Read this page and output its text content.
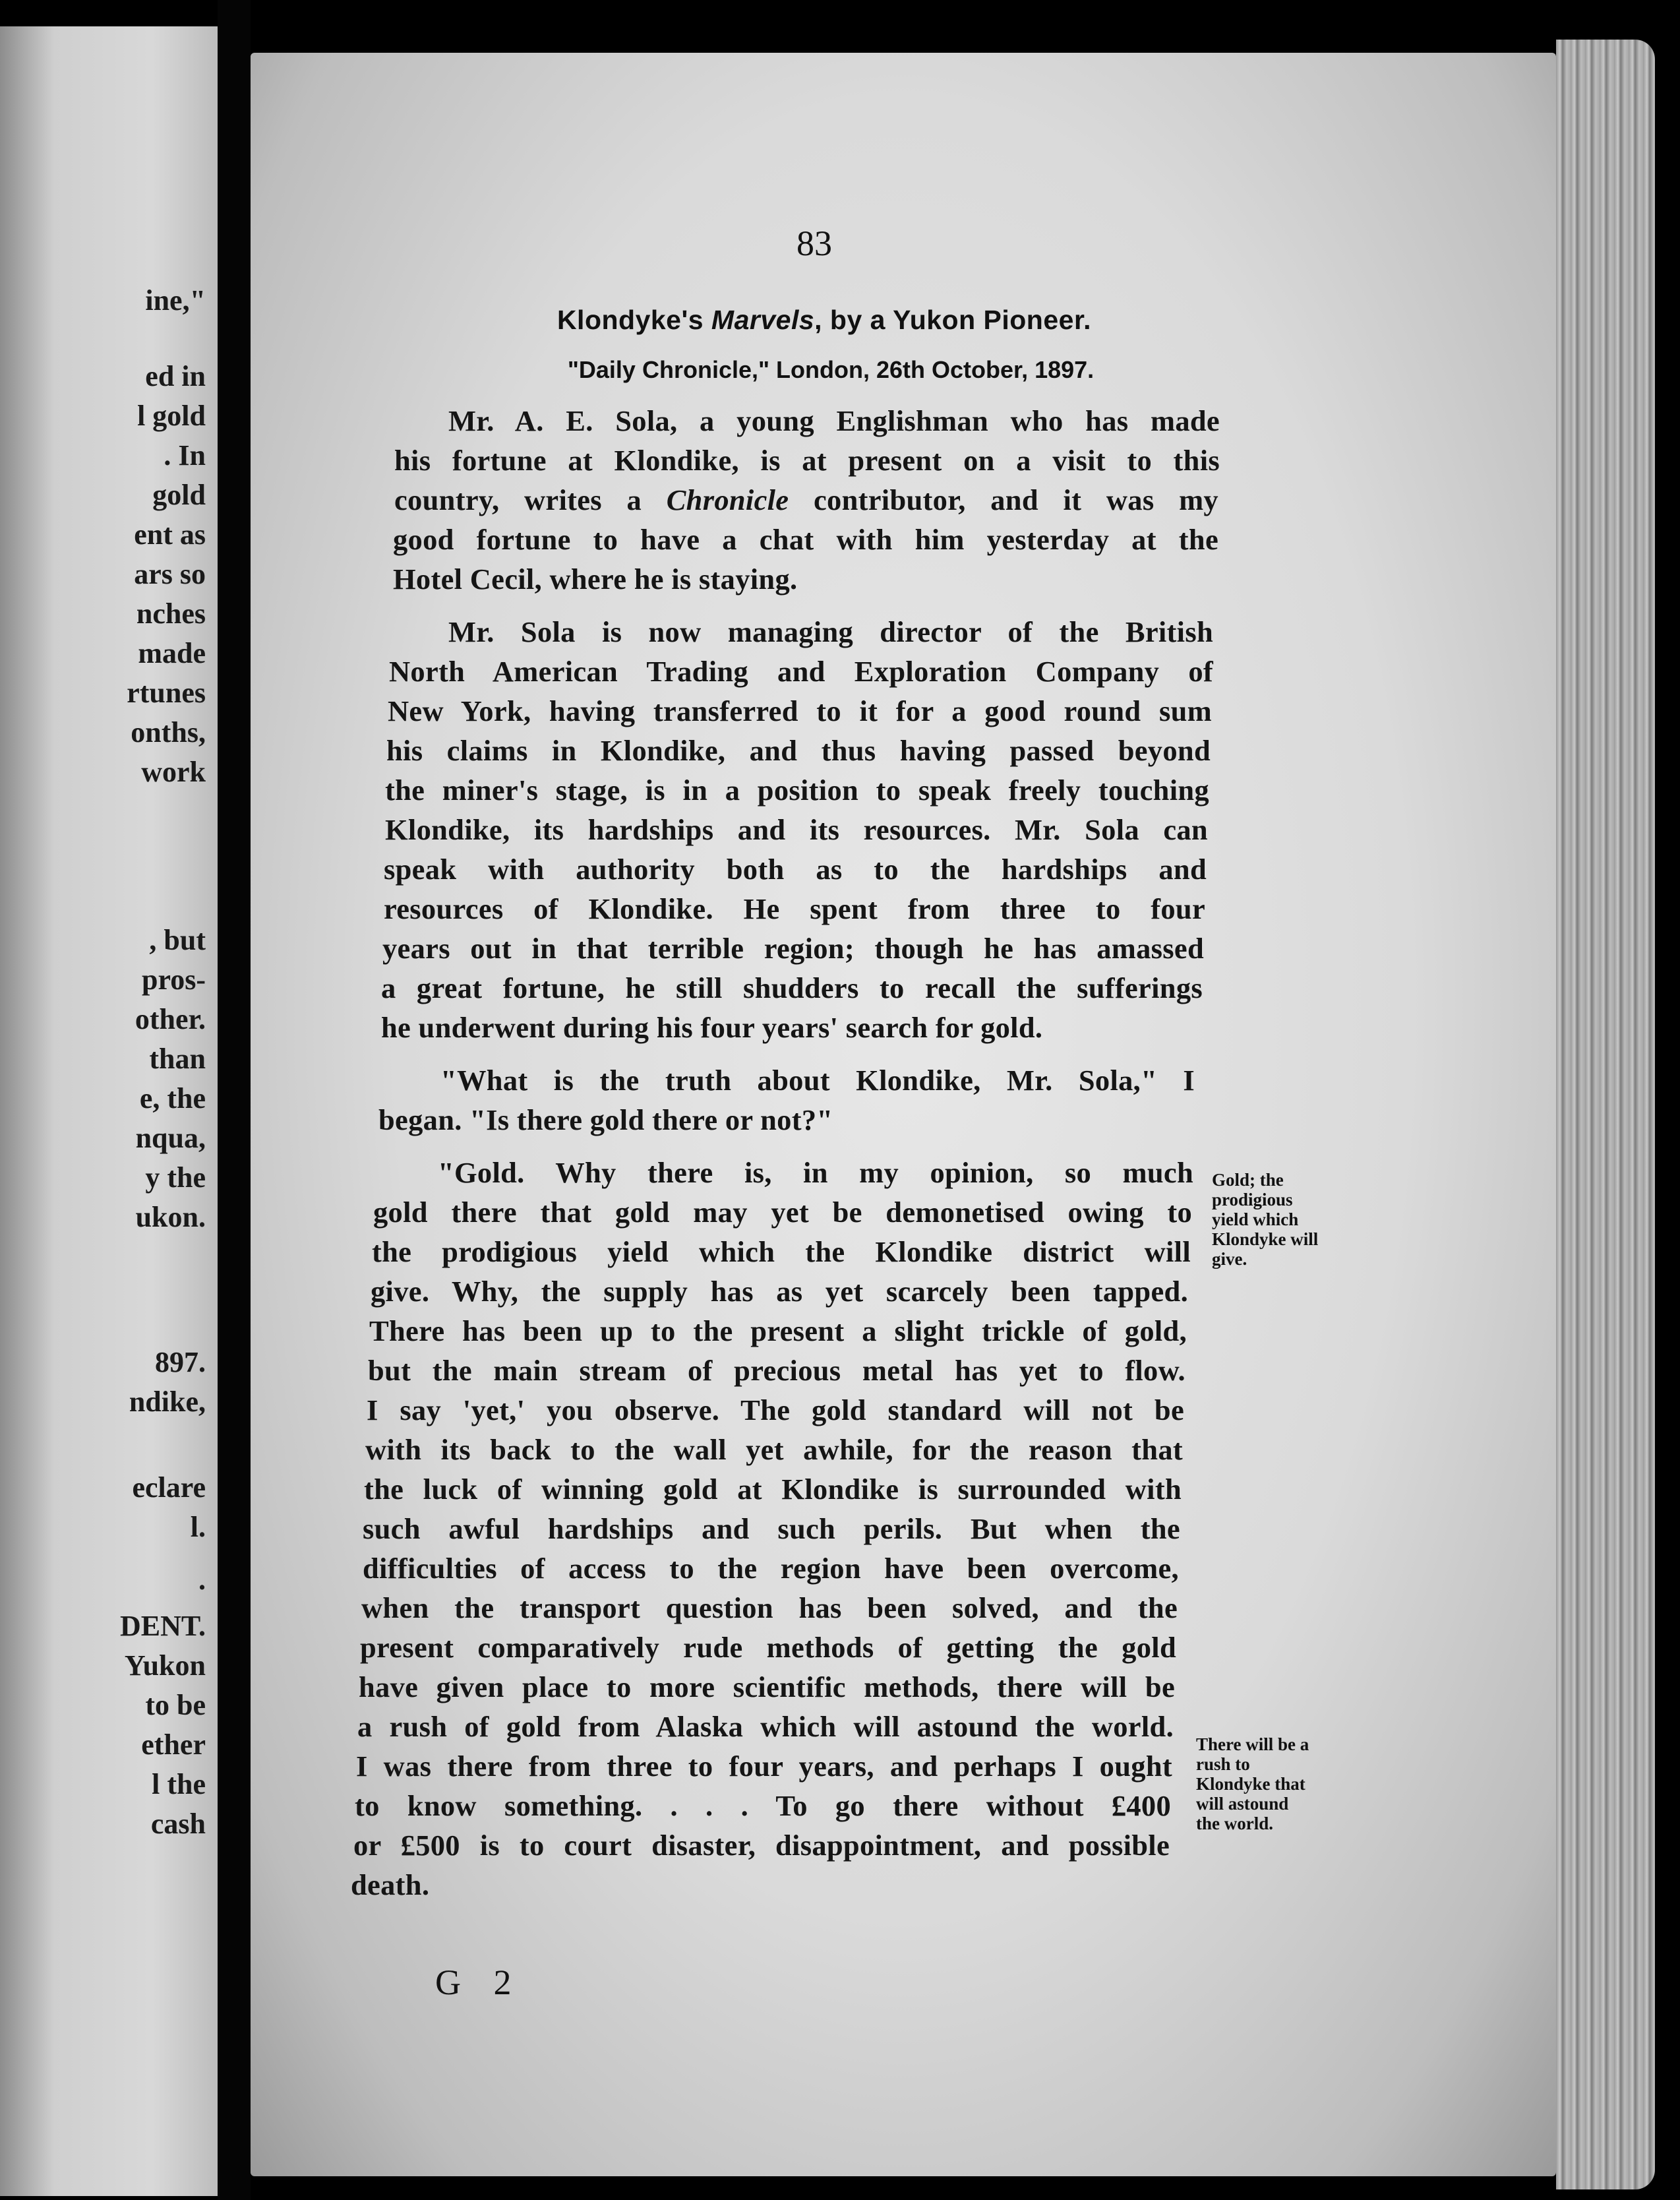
ine,"
ed in
l gold
. In
gold
ent as
ars so
nches
made
rtunes
onths,
work
, but
pros-
other.
than
e, the
nqua,
y the
ukon.
897.
ndike,
eclare
l.
.
DENT.
Yukon
to be
ether
l the
cash
83
Klondyke's Marvels, by a Yukon Pioneer.
"Daily Chronicle," London, 26th October, 1897.
Mr. A. E. Sola, a young Englishman who has made
his fortune at Klondike, is at present on a visit to this
country, writes a Chronicle contributor, and it was my
good fortune to have a chat with him yesterday at the
Hotel Cecil, where he is staying.
Mr. Sola is now managing director of the British
North American Trading and Exploration Company of
New York, having transferred to it for a good round sum
his claims in Klondike, and thus having passed beyond
the miner's stage, is in a position to speak freely touching
Klondike, its hardships and its resources. Mr. Sola can
speak with authority both as to the hardships and
resources of Klondike. He spent from three to four
years out in that terrible region; though he has amassed
a great fortune, he still shudders to recall the sufferings
he underwent during his four years' search for gold.
"What is the truth about Klondike, Mr. Sola," I
began. "Is there gold there or not?"
"Gold. Why there is, in my opinion, so much
gold there that gold may yet be demonetised owing to
the prodigious yield which the Klondike district will
give. Why, the supply has as yet scarcely been tapped.
There has been up to the present a slight trickle of gold,
but the main stream of precious metal has yet to flow.
I say 'yet,' you observe. The gold standard will not be
with its back to the wall yet awhile, for the reason that
the luck of winning gold at Klondike is surrounded with
such awful hardships and such perils. But when the
difficulties of access to the region have been overcome,
when the transport question has been solved, and the
present comparatively rude methods of getting the gold
have given place to more scientific methods, there will be
a rush of gold from Alaska which will astound the world.
I was there from three to four years, and perhaps I ought
to know something. . . . To go there without £400
or £500 is to court disaster, disappointment, and possible
death.
Gold; the
prodigious
yield which
Klondyke will
give.
There will be a
rush to
Klondyke that
will astound
the world.
G 2
